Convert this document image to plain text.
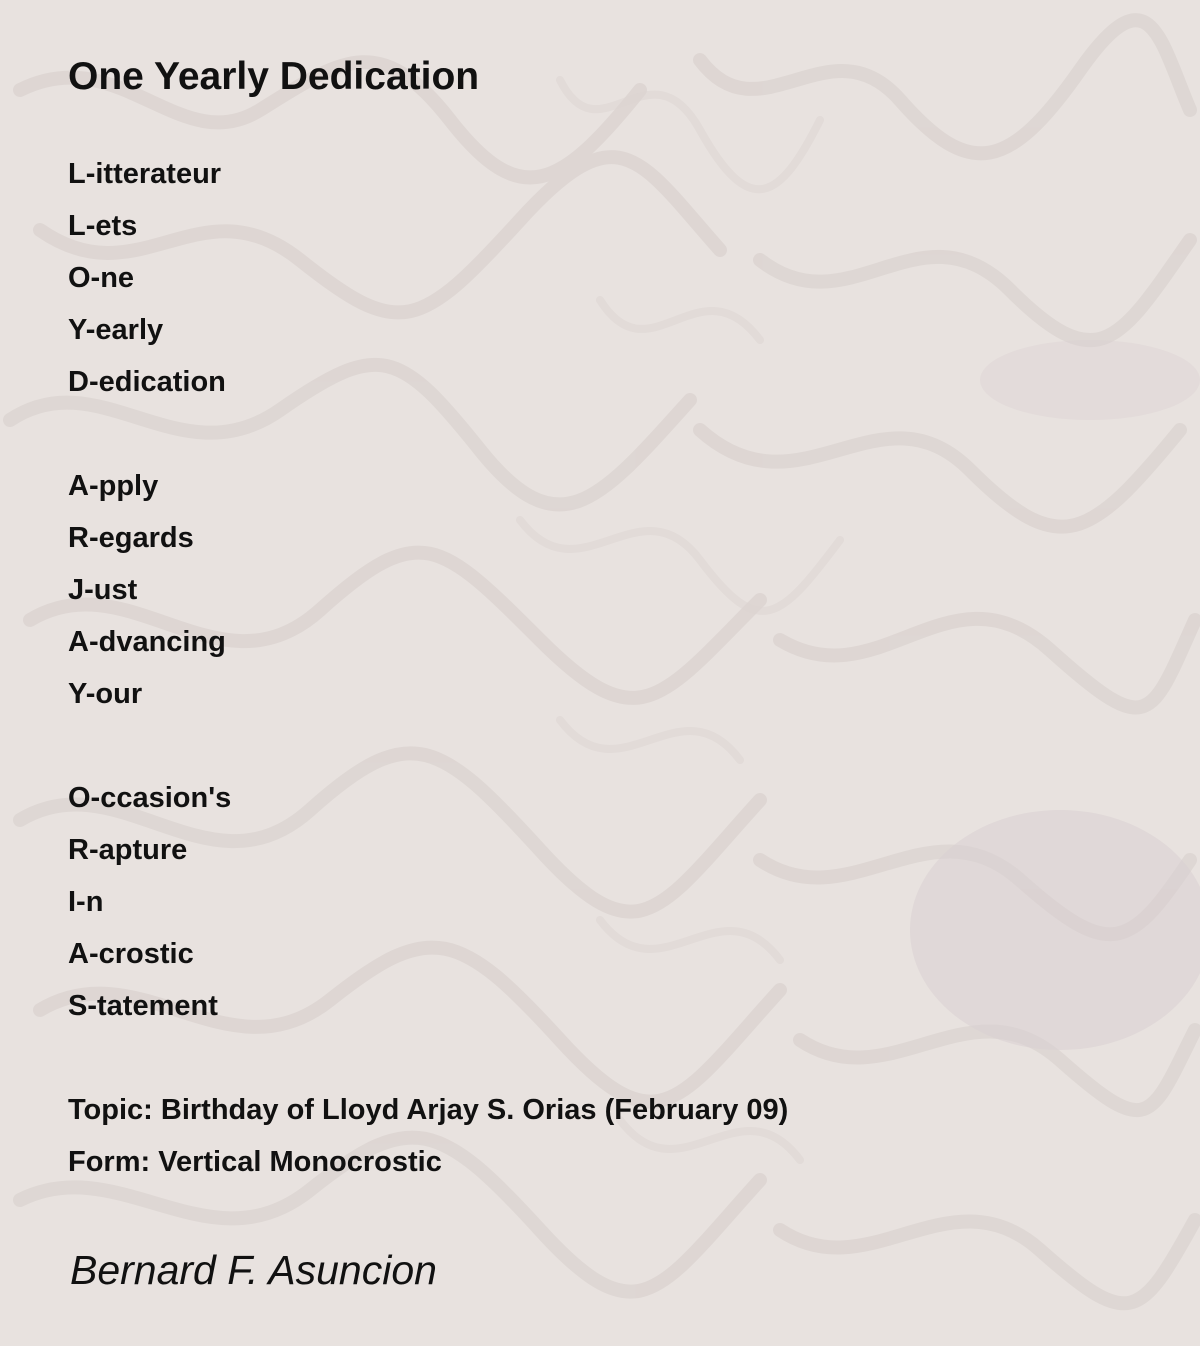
One Yearly Dedication
L-itterateur
L-ets
O-ne
Y-early
D-edication
A-pply
R-egards
J-ust
A-dvancing
Y-our
O-ccasion's
R-apture
I-n
A-crostic
S-tatement
Topic: Birthday of Lloyd Arjay S. Orias (February 09)
Form: Vertical Monocrostic
Bernard F. Asuncion
